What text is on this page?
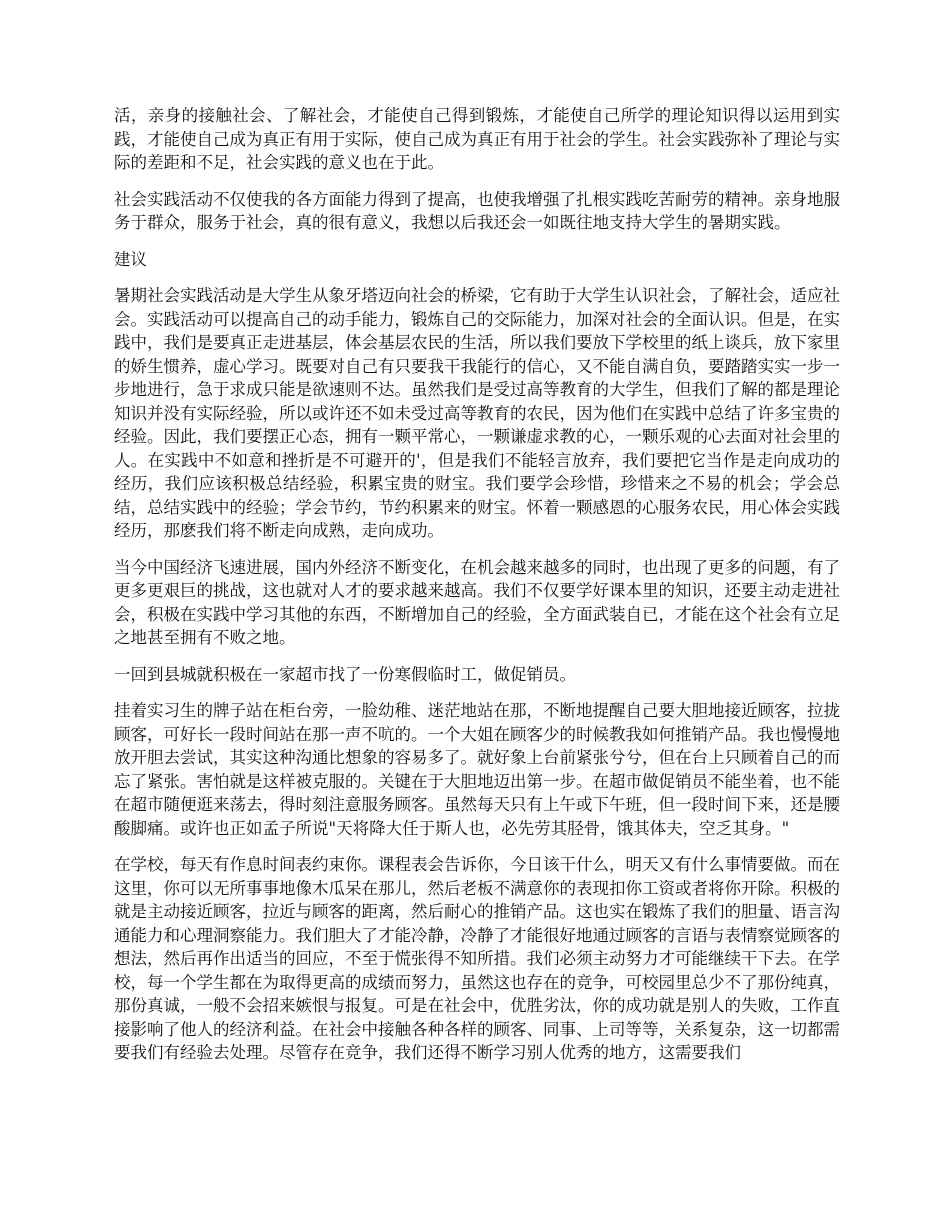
活，亲身的接触社会、了解社会，才能使自己得到锻炼，才能使自己所学的理论知识得以运用到实践，才能使自己成为真正有用于实际，使自己成为真正有用于社会的学生。社会实践弥补了理论与实际的差距和不足，社会实践的意义也在于此。

社会实践活动不仅使我的各方面能力得到了提高，也使我增强了扎根实践吃苦耐劳的精神。亲身地服务于群众，服务于社会，真的很有意义，我想以后我还会一如既往地支持大学生的暑期实践。

建议

暑期社会实践活动是大学生从象牙塔迈向社会的桥梁，它有助于大学生认识社会，了解社会，适应社会。实践活动可以提高自己的动手能力，锻炼自己的交际能力，加深对社会的全面认识。但是，在实践中，我们是要真正走进基层，体会基层农民的生活，所以我们要放下学校里的纸上谈兵，放下家里的娇生惯养，虚心学习。既要对自己有只要我干我能行的信心，又不能自满自负，要踏踏实实一步一步地进行，急于求成只能是欲速则不达。虽然我们是受过高等教育的大学生，但我们了解的都是理论知识并没有实际经验，所以或许还不如未受过高等教育的农民，因为他们在实践中总结了许多宝贵的经验。因此，我们要摆正心态，拥有一颗平常心，一颗谦虚求教的心，一颗乐观的心去面对社会里的人。在实践中不如意和挫折是不可避开的'，但是我们不能轻言放弃，我们要把它当作是走向成功的经历，我们应该积极总结经验，积累宝贵的财宝。我们要学会珍惜，珍惜来之不易的机会；学会总结，总结实践中的经验；学会节约，节约积累来的财宝。怀着一颗感恩的心服务农民，用心体会实践经历，那麽我们将不断走向成熟，走向成功。

当今中国经济飞速进展，国内外经济不断变化，在机会越来越多的同时，也出现了更多的问题，有了更多更艰巨的挑战，这也就对人才的要求越来越高。我们不仅要学好课本里的知识，还要主动走进社会，积极在实践中学习其他的东西，不断增加自己的经验，全方面武装自已，才能在这个社会有立足之地甚至拥有不败之地。

一回到县城就积极在一家超市找了一份寒假临时工，做促销员。

挂着实习生的牌子站在柜台旁，一脸幼稚、迷茫地站在那，不断地提醒自己要大胆地接近顾客，拉拢顾客，可好长一段时间站在那一声不吭的。一个大姐在顾客少的时候教我如何推销产品。我也慢慢地放开胆去尝试，其实这种沟通比想象的容易多了。就好象上台前紧张兮兮，但在台上只顾着自己的而忘了紧张。害怕就是这样被克服的。关键在于大胆地迈出第一步。在超市做促销员不能坐着，也不能在超市随便逛来荡去，得时刻注意服务顾客。虽然每天只有上午或下午班，但一段时间下来，还是腰酸脚痛。或许也正如孟子所说"天将降大任于斯人也，必先劳其胫骨，饿其体夫，空乏其身。"

在学校，每天有作息时间表约束你。课程表会告诉你，今日该干什么，明天又有什么事情要做。而在这里，你可以无所事事地像木瓜呆在那儿，然后老板不满意你的表现扣你工资或者将你开除。积极的就是主动接近顾客，拉近与顾客的距离，然后耐心的推销产品。这也实在锻炼了我们的胆量、语言沟通能力和心理洞察能力。我们胆大了才能冷静，冷静了才能很好地通过顾客的言语与表情察觉顾客的想法，然后再作出适当的回应，不至于慌张得不知所措。我们必须主动努力才可能继续干下去。在学校，每一个学生都在为取得更高的成绩而努力，虽然这也存在的竞争，可校园里总少不了那份纯真，那份真诚，一般不会招来嫉恨与报复。可是在社会中，优胜劣汰，你的成功就是别人的失败，工作直接影响了他人的经济利益。在社会中接触各种各样的顾客、同事、上司等等，关系复杂，这一切都需要我们有经验去处理。尽管存在竞争，我们还得不断学习别人优秀的地方，这需要我们
